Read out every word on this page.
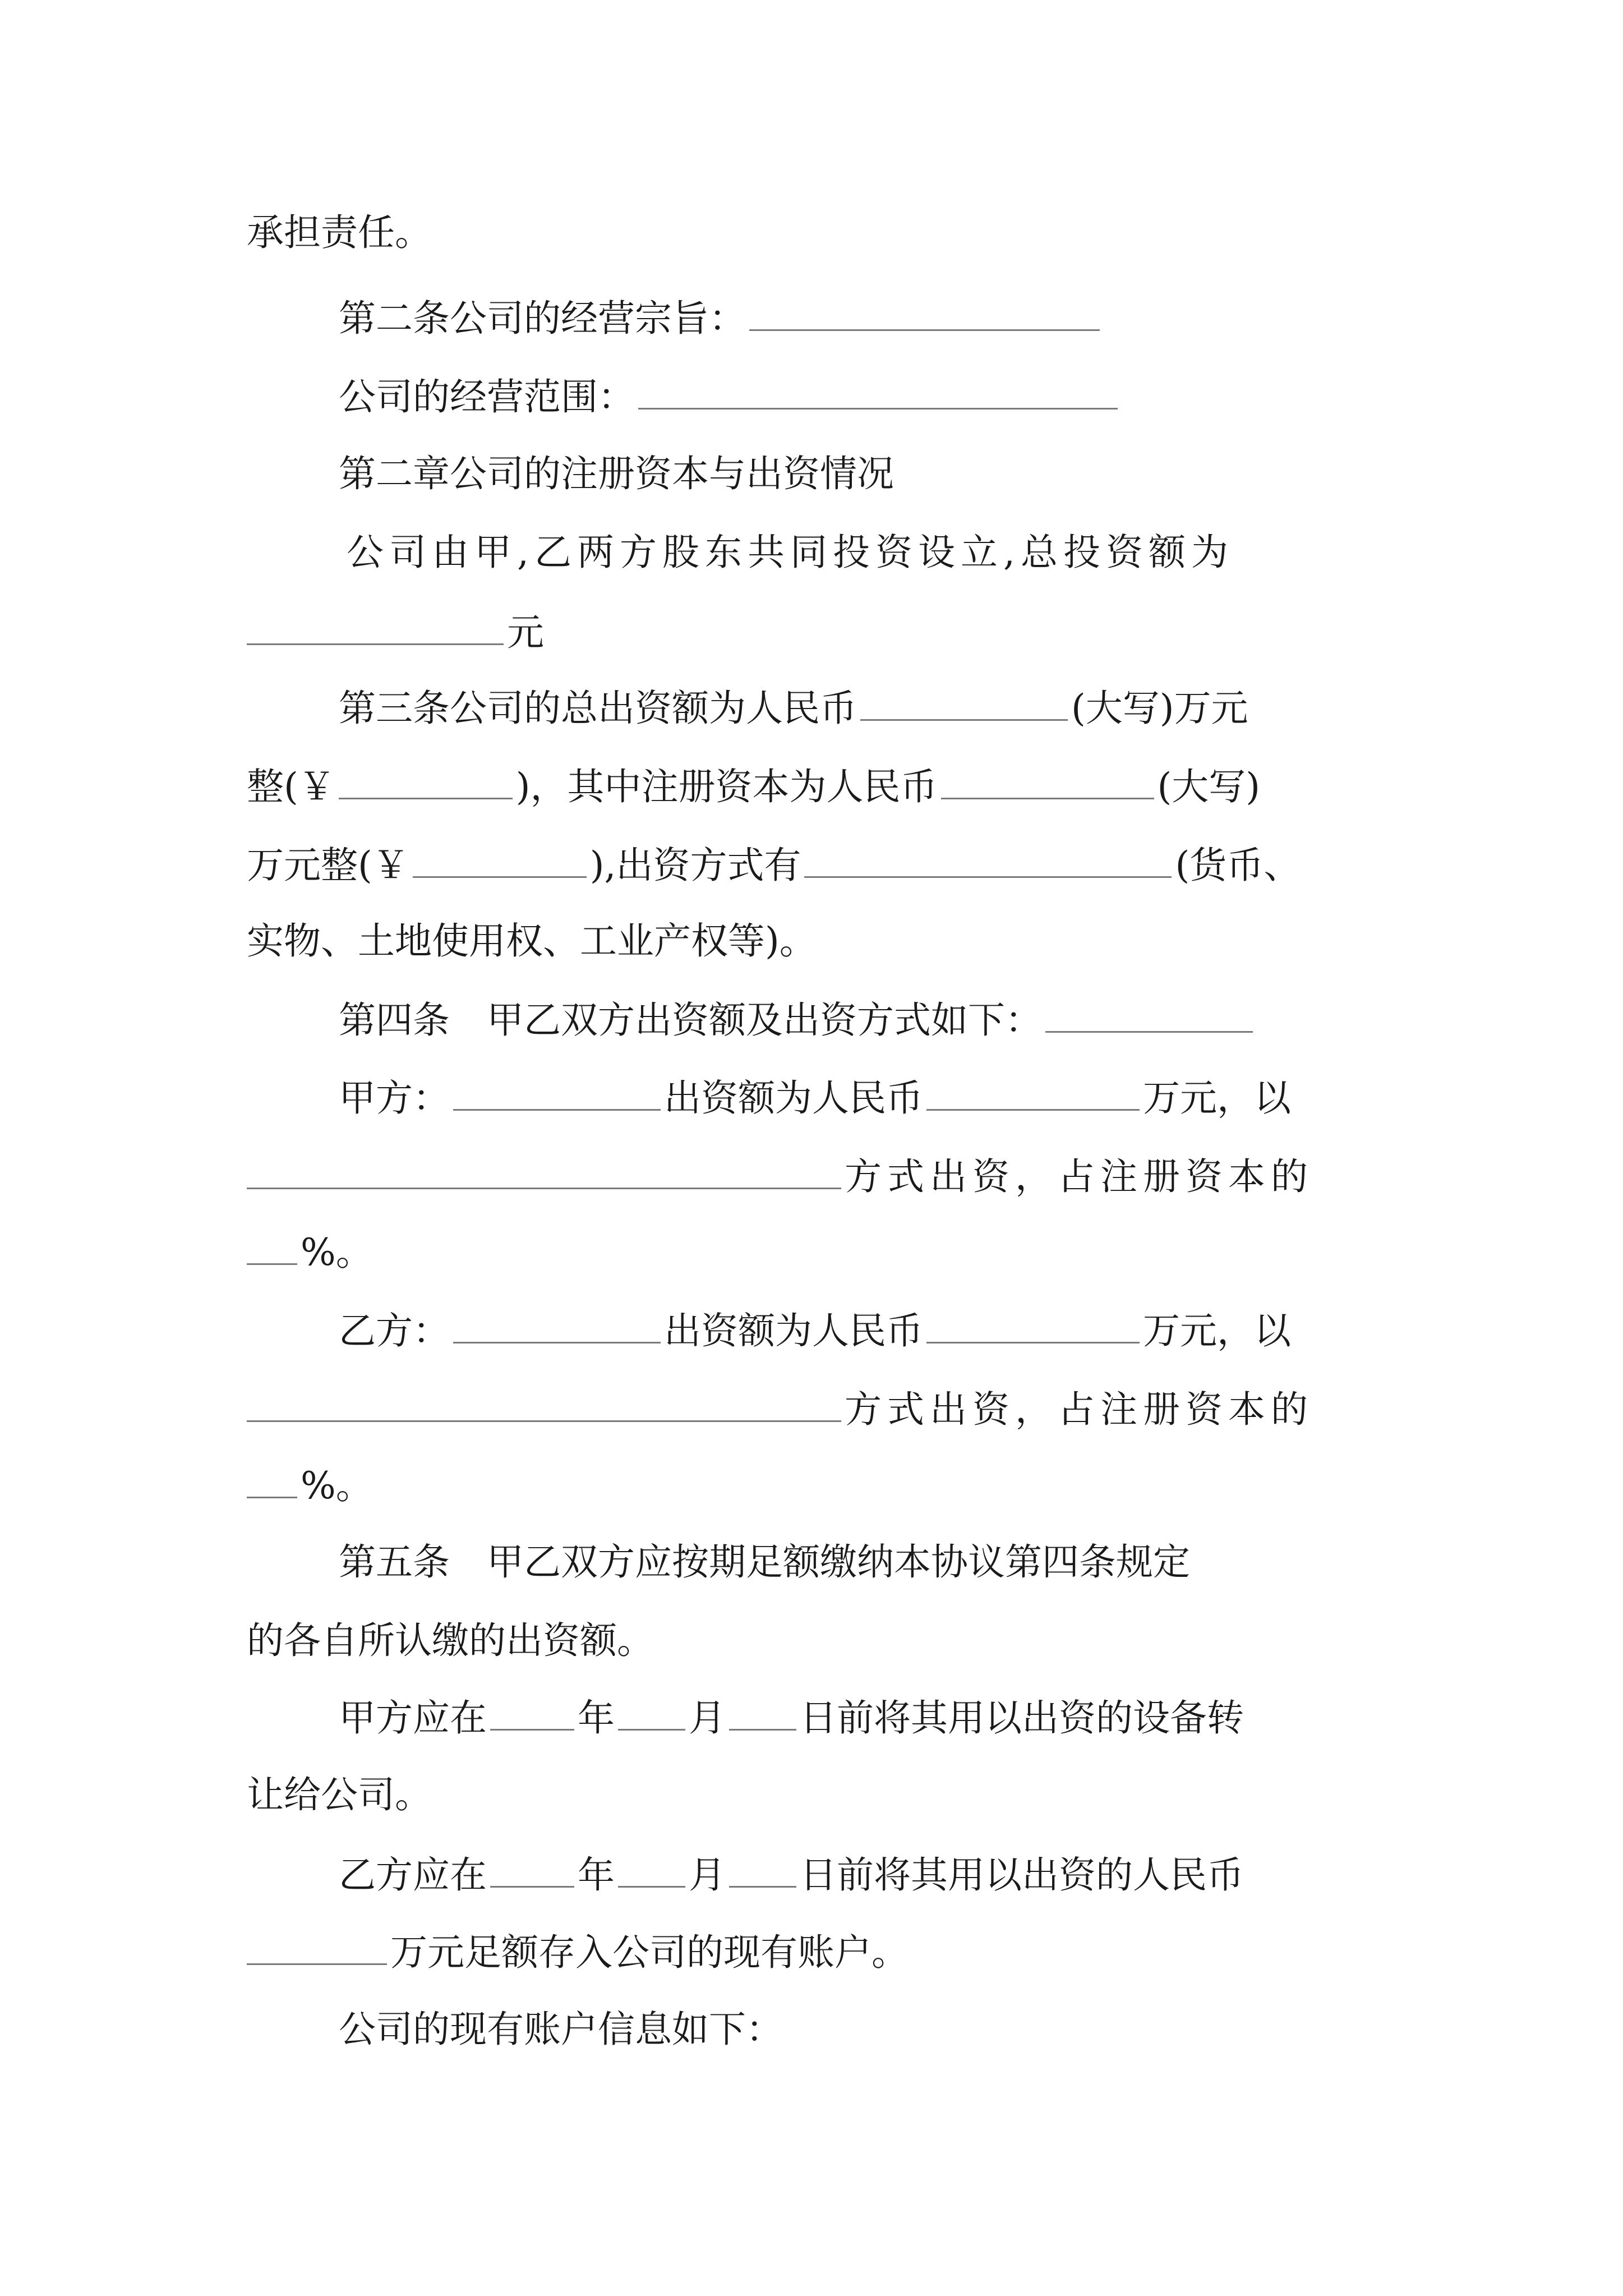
承担责任。
第二条公司的经营宗旨：
公司的经营范围：
第二章公司的注册资本与出资情况
公司由甲,乙两方股东共同投资设立,总投资额为
元
第三条公司的总出资额为人民币	(大写)万元
整(￥	)，其中注册资本为人民币	(大写)
万元整(￥	),出资方式有	(货币、
实物、土地使用权、工业产权等)。
第四条　甲乙双方出资额及出资方式如下：
甲方：	出资额为人民币	万元，以
方式出资，占注册资本的
%。
乙方：	出资额为人民币	万元，以
方式出资，占注册资本的
%。
第五条　甲乙双方应按期足额缴纳本协议第四条规定
的各自所认缴的出资额。
甲方应在 年 月 日前将其用以出资的设备转
让给公司。
乙方应在 年 月 日前将其用以出资的人民币
万元足额存入公司的现有账户。
公司的现有账户信息如下：
